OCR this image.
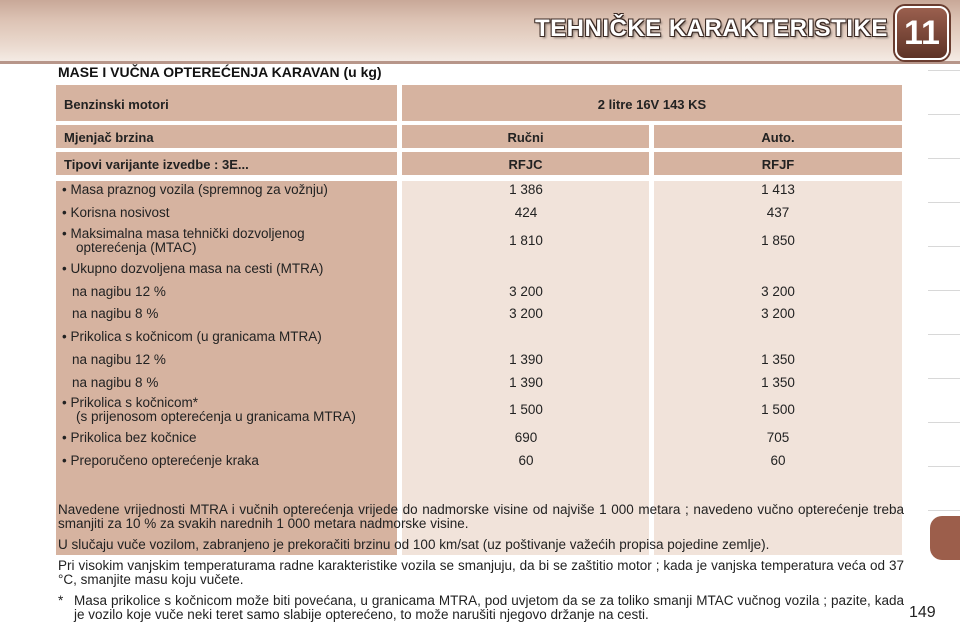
TEHNIČKE KARAKTERISTIKE 11
MASE I VUČNA OPTEREĆENJA KARAVAN (u kg)
Benzinski motori	2 litre 16V 143 KS
Mjenjač brzina	Ručni	Auto.
Tipovi varijante izvedbe : 3E...	RFJC	RFJF
• Masa praznog vozila (spremnog za vožnju)	1 386	1 413
• Korisna nosivost	424	437
• Maksimalna masa tehnički dozvoljenog
opterećenja (MTAC)	1 810	1 850
• Ukupno dozvoljena masa na cesti (MTRA)
na nagibu 12 %	3 200	3 200
na nagibu 8 %	3 200	3 200
• Prikolica s kočnicom (u granicama MTRA)
na nagibu 12 %	1 390	1 350
na nagibu 8 %	1 390	1 350
• Prikolica s kočnicom*
(s prijenosom opterećenja u granicama MTRA)	1 500	1 500
• Prikolica bez kočnice	690	705
• Preporučeno opterećenje kraka	60	60

Navedene vrijednosti MTRA i vučnih opterećenja vrijede do nadmorske visine od najviše 1 000 metara ; navedeno vučno opterećenje treba smanjiti za 10 % za svakih narednih 1 000 metara nadmorske visine.

U slučaju vuče vozilom, zabranjeno je prekoračiti brzinu od 100 km/sat (uz poštivanje važećih propisa pojedine zemlje).

Pri visokim vanjskim temperaturama radne karakteristike vozila se smanjuju, da bi se zaštitio motor ; kada je vanjska temperatura veća od 37 °C, smanjite masu koju vučete.

* Masa prikolice s kočnicom može biti povećana, u granicama MTRA, pod uvjetom da se za toliko smanji MTAC vučnog vozila ; pazite, kada je vozilo koje vuče neki teret samo slabije opterećeno, to može narušiti njegovo držanje na cesti.	149
